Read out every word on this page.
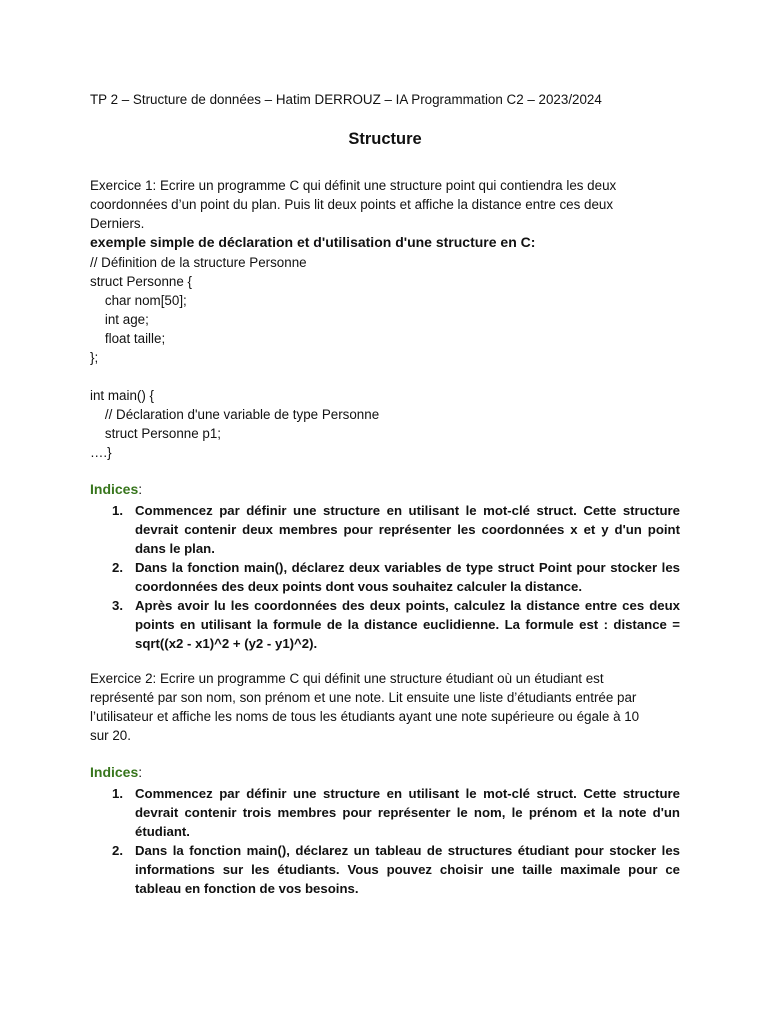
TP 2 – Structure de données – Hatim DERROUZ – IA Programmation C2 – 2023/2024
Structure
Exercice 1: Ecrire un programme C qui définit une structure point qui contiendra les deux coordonnées d’un point du plan. Puis lit deux points et affiche la distance entre ces deux Derniers.
exemple simple de déclaration et d'utilisation d'une structure en C:
// Définition de la structure Personne
struct Personne {
char nom[50];
int age;
float taille;
};
int main() {
// Déclaration d'une variable de type Personne
struct Personne p1;
….}
Indices:
1. Commencez par définir une structure en utilisant le mot-clé struct. Cette structure devrait contenir deux membres pour représenter les coordonnées x et y d'un point dans le plan.
2. Dans la fonction main(), déclarez deux variables de type struct Point pour stocker les coordonnées des deux points dont vous souhaitez calculer la distance.
3. Après avoir lu les coordonnées des deux points, calculez la distance entre ces deux points en utilisant la formule de la distance euclidienne. La formule est : distance = sqrt((x2 - x1)^2 + (y2 - y1)^2).
Exercice 2: Ecrire un programme C qui définit une structure étudiant où un étudiant est représenté par son nom, son prénom et une note. Lit ensuite une liste d’étudiants entrée par l’utilisateur et affiche les noms de tous les étudiants ayant une note supérieure ou égale à 10 sur 20.
Indices:
1. Commencez par définir une structure en utilisant le mot-clé struct. Cette structure devrait contenir trois membres pour représenter le nom, le prénom et la note d'un étudiant.
2. Dans la fonction main(), déclarez un tableau de structures étudiant pour stocker les informations sur les étudiants. Vous pouvez choisir une taille maximale pour ce tableau en fonction de vos besoins.
